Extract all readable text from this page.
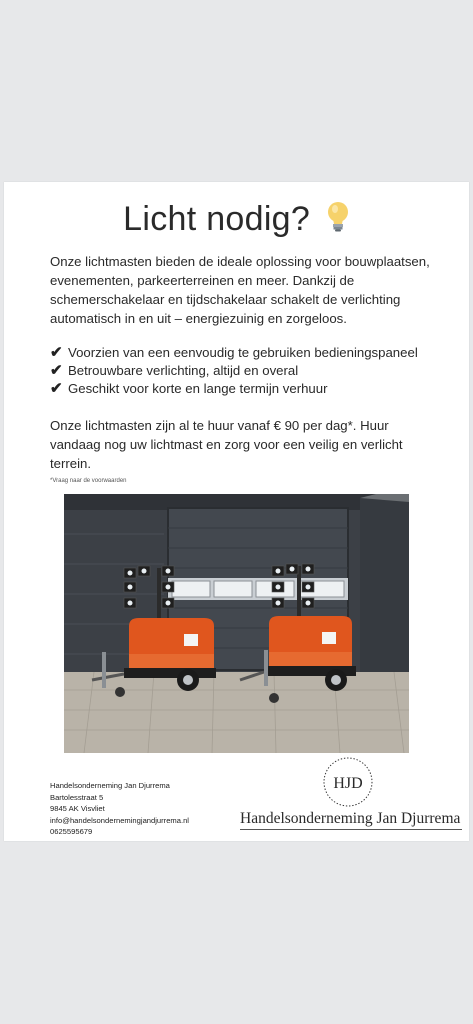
Licht nodig?
Onze lichtmasten bieden de ideale oplossing voor bouwplaatsen, evenementen, parkeerterreinen en meer. Dankzij de schemerschakelaar en tijdschakelaar schakelt de verlichting automatisch in en uit – energiezuinig en zorgeloos.
✔ Voorzien van een eenvoudig te gebruiken bedieningspaneel
✔ Betrouwbare verlichting, altijd en overal
✔ Geschikt voor korte en lange termijn verhuur
Onze lichtmasten zijn al te huur vanaf € 90 per dag*. Huur vandaag nog uw lichtmast en zorg voor een veilig en verlicht terrein.
*Vraag naar de voorwaarden
Handelsonderneming Jan Djurrema
Bartolesstraat 5
9845 AK Visvliet
info@handelsondernemingjandjurrema.nl
0625595679
HJD
Handelsonderneming Jan Djurrema
